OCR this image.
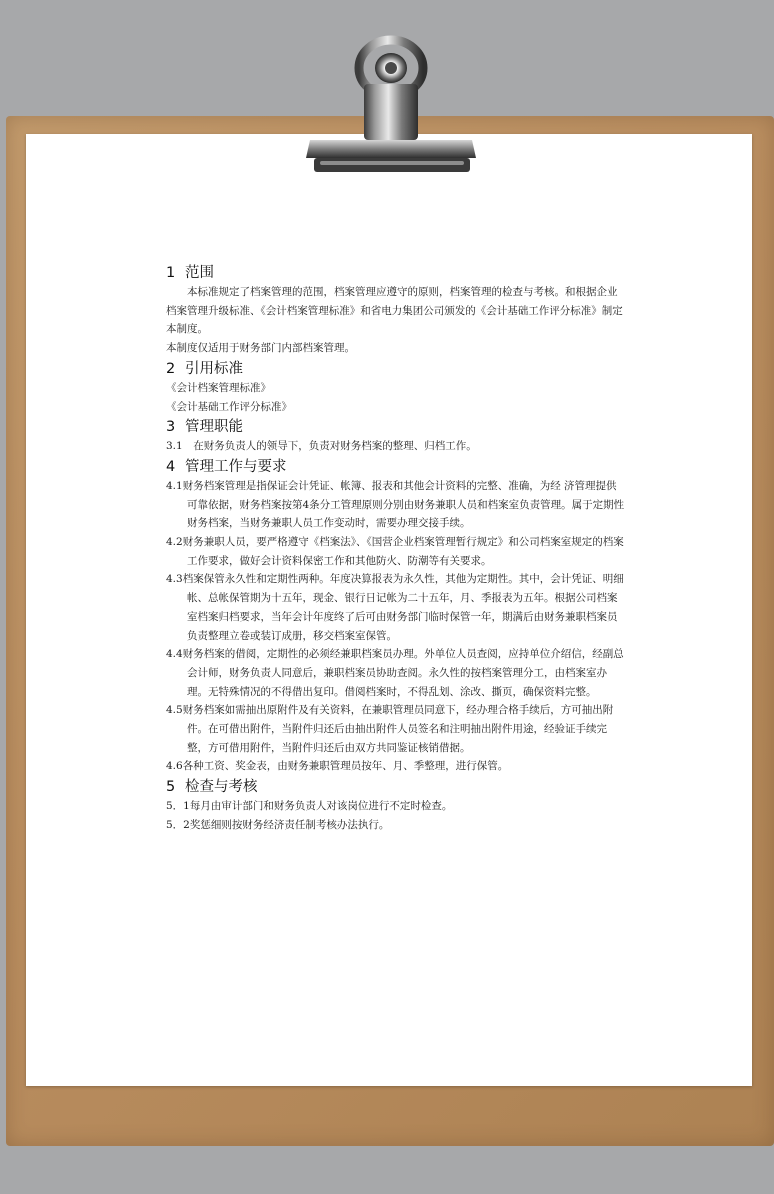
1 范围

本标准规定了档案管理的范围，档案管理应遵守的原则，档案管理的检查与考核。和根据企业档案管理升级标准、《会计档案管理标准》和省电力集团公司颁发的《会计基础工作评分标准》制定本制度。

本制度仅适用于财务部门内部档案管理。

2 引用标准

《会计档案管理标准》

《会计基础工作评分标准》

3 管理职能

3.1　在财务负责人的领导下，负责对财务档案的整理、归档工作。

4 管理工作与要求

4.1财务档案管理是指保证会计凭证、帐簿、报表和其他会计资料的完整、准确，为经 济管理提供可靠依据，财务档案按第4条分工管理原则分别由财务兼职人员和档案室负责管理。属于定期性财务档案，当财务兼职人员工作变动时，需要办理交接手续。

4.2财务兼职人员，要严格遵守《档案法》、《国营企业档案管理暂行规定》和公司档案室规定的档案工作要求，做好会计资料保密工作和其他防火、防潮等有关要求。

4.3档案保管永久性和定期性两种。年度决算报表为永久性，其他为定期性。其中，会计凭证、明细帐、总帐保管期为十五年，现金、银行日记帐为二十五年，月、季报表为五年。根据公司档案室档案归档要求，当年会计年度终了后可由财务部门临时保管一年，期满后由财务兼职档案员负责整理立卷或装订成册，移交档案室保管。

4.4财务档案的借阅，定期性的必须经兼职档案员办理。外单位人员查阅，应持单位介绍信，经副总会计师，财务负责人同意后，兼职档案员协助查阅。永久性的按档案管理分工，由档案室办理。无特殊情况的不得借出复印。借阅档案时，不得乱划、涂改、撕页，确保资料完整。

4.5财务档案如需抽出原附件及有关资料，在兼职管理员同意下，经办理合格手续后，方可抽出附件。在可借出附件，当附件归还后由抽出附件人员签名和注明抽出附件用途，经验证手续完整，方可借用附件，当附件归还后由双方共同鉴证核销借据。

4.6各种工资、奖金表，由财务兼职管理员按年、月、季整理，进行保管。

5 检查与考核

5．1每月由审计部门和财务负责人对该岗位进行不定时检查。

5．2奖惩细则按财务经济责任制考核办法执行。
